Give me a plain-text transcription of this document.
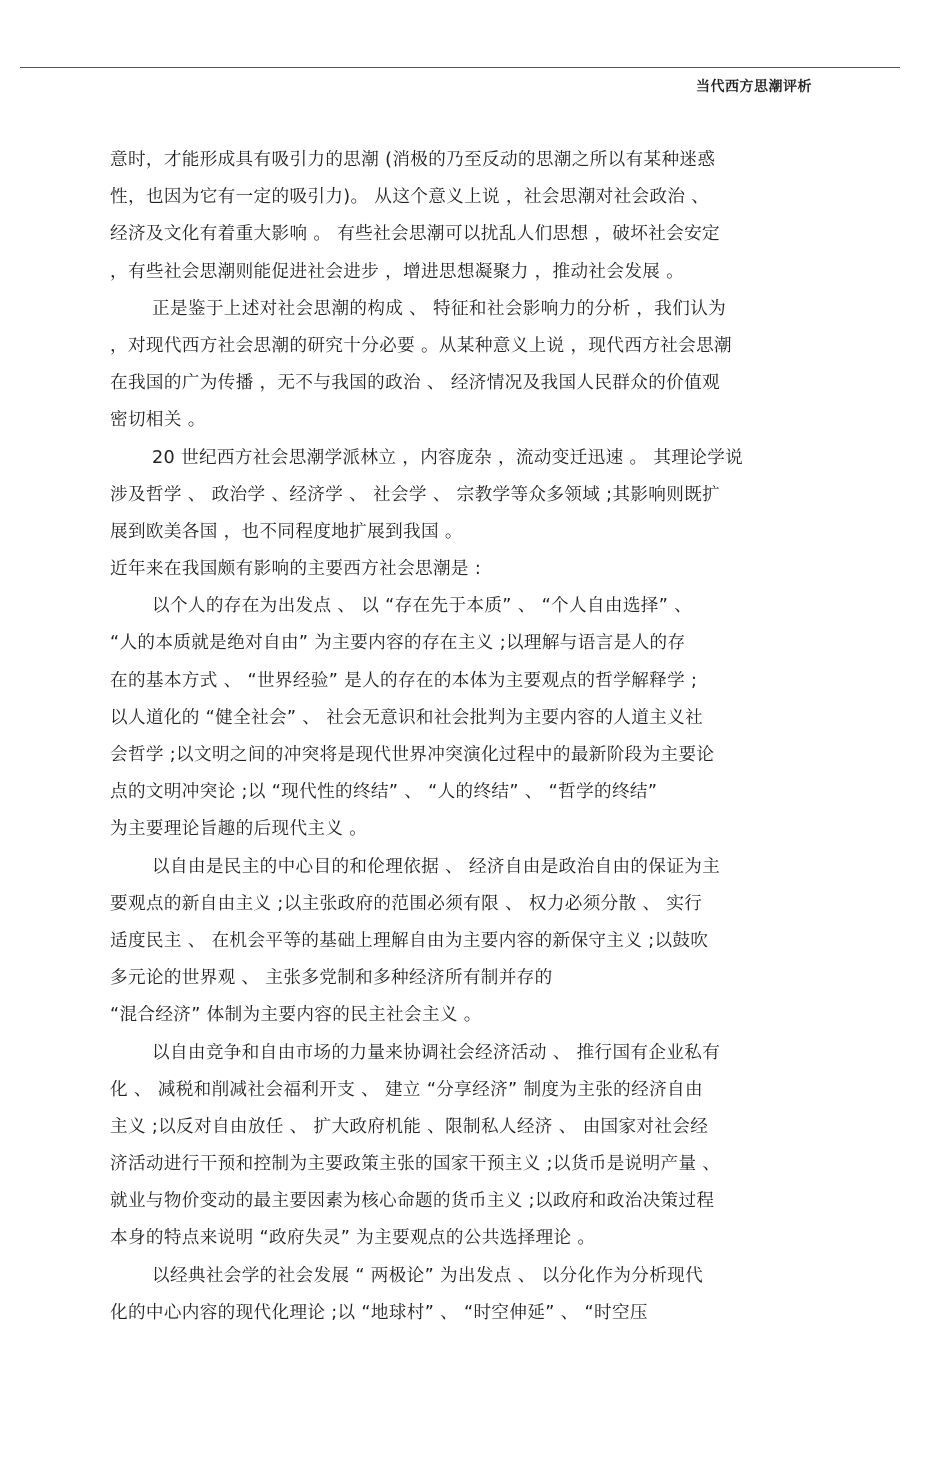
当代西方思潮评析
意时，才能形成具有吸引力的思潮 (消极的乃至反动的思潮之所以有某种迷惑
性，也因为它有一定的吸引力)。 从这个意义上说 ，社会思潮对社会政治 、
经济及文化有着重大影响 。 有些社会思潮可以扰乱人们思想 ，破坏社会安定
，有些社会思潮则能促进社会进步 ，增进思想凝聚力 ，推动社会发展 。
正是鉴于上述对社会思潮的构成 、 特征和社会影响力的分析 ，我们认为
，对现代西方社会思潮的研究十分必要 。从某种意义上说 ，现代西方社会思潮
在我国的广为传播 ，无不与我国的政治 、 经济情况及我国人民群众的价值观
密切相关 。
20 世纪西方社会思潮学派林立 ，内容庞杂 ，流动变迁迅速 。 其理论学说
涉及哲学 、 政治学 、经济学 、 社会学 、 宗教学等众多领域 ;其影响则既扩
展到欧美各国 ，也不同程度地扩展到我国 。
近年来在我国颇有影响的主要西方社会思潮是 :
以个人的存在为出发点 、 以 “存在先于本质” 、 “个人自由选择” 、
“人的本质就是绝对自由” 为主要内容的存在主义 ;以理解与语言是人的存
在的基本方式 、 “世界经验” 是人的存在的本体为主要观点的哲学解释学 ;
以人道化的 “健全社会” 、 社会无意识和社会批判为主要内容的人道主义社
会哲学 ;以文明之间的冲突将是现代世界冲突演化过程中的最新阶段为主要论
点的文明冲突论 ;以 “现代性的终结” 、 “人的终结” 、 “哲学的终结”
为主要理论旨趣的后现代主义 。
以自由是民主的中心目的和伦理依据 、 经济自由是政治自由的保证为主
要观点的新自由主义 ;以主张政府的范围必须有限 、 权力必须分散 、 实行
适度民主 、 在机会平等的基础上理解自由为主要内容的新保守主义 ;以鼓吹
多元论的世界观 、 主张多党制和多种经济所有制并存的
“混合经济” 体制为主要内容的民主社会主义 。
以自由竞争和自由市场的力量来协调社会经济活动 、 推行国有企业私有
化 、 减税和削减社会福利开支 、 建立 “分享经济” 制度为主张的经济自由
主义 ;以反对自由放任 、 扩大政府机能 、限制私人经济 、 由国家对社会经
济活动进行干预和控制为主要政策主张的国家干预主义 ;以货币是说明产量 、
就业与物价变动的最主要因素为核心命题的货币主义 ;以政府和政治决策过程
本身的特点来说明 “政府失灵” 为主要观点的公共选择理论 。
以经典社会学的社会发展 “ 两极论” 为出发点 、 以分化作为分析现代
化的中心内容的现代化理论 ;以 “地球村” 、 “时空伸延” 、 “时空压
